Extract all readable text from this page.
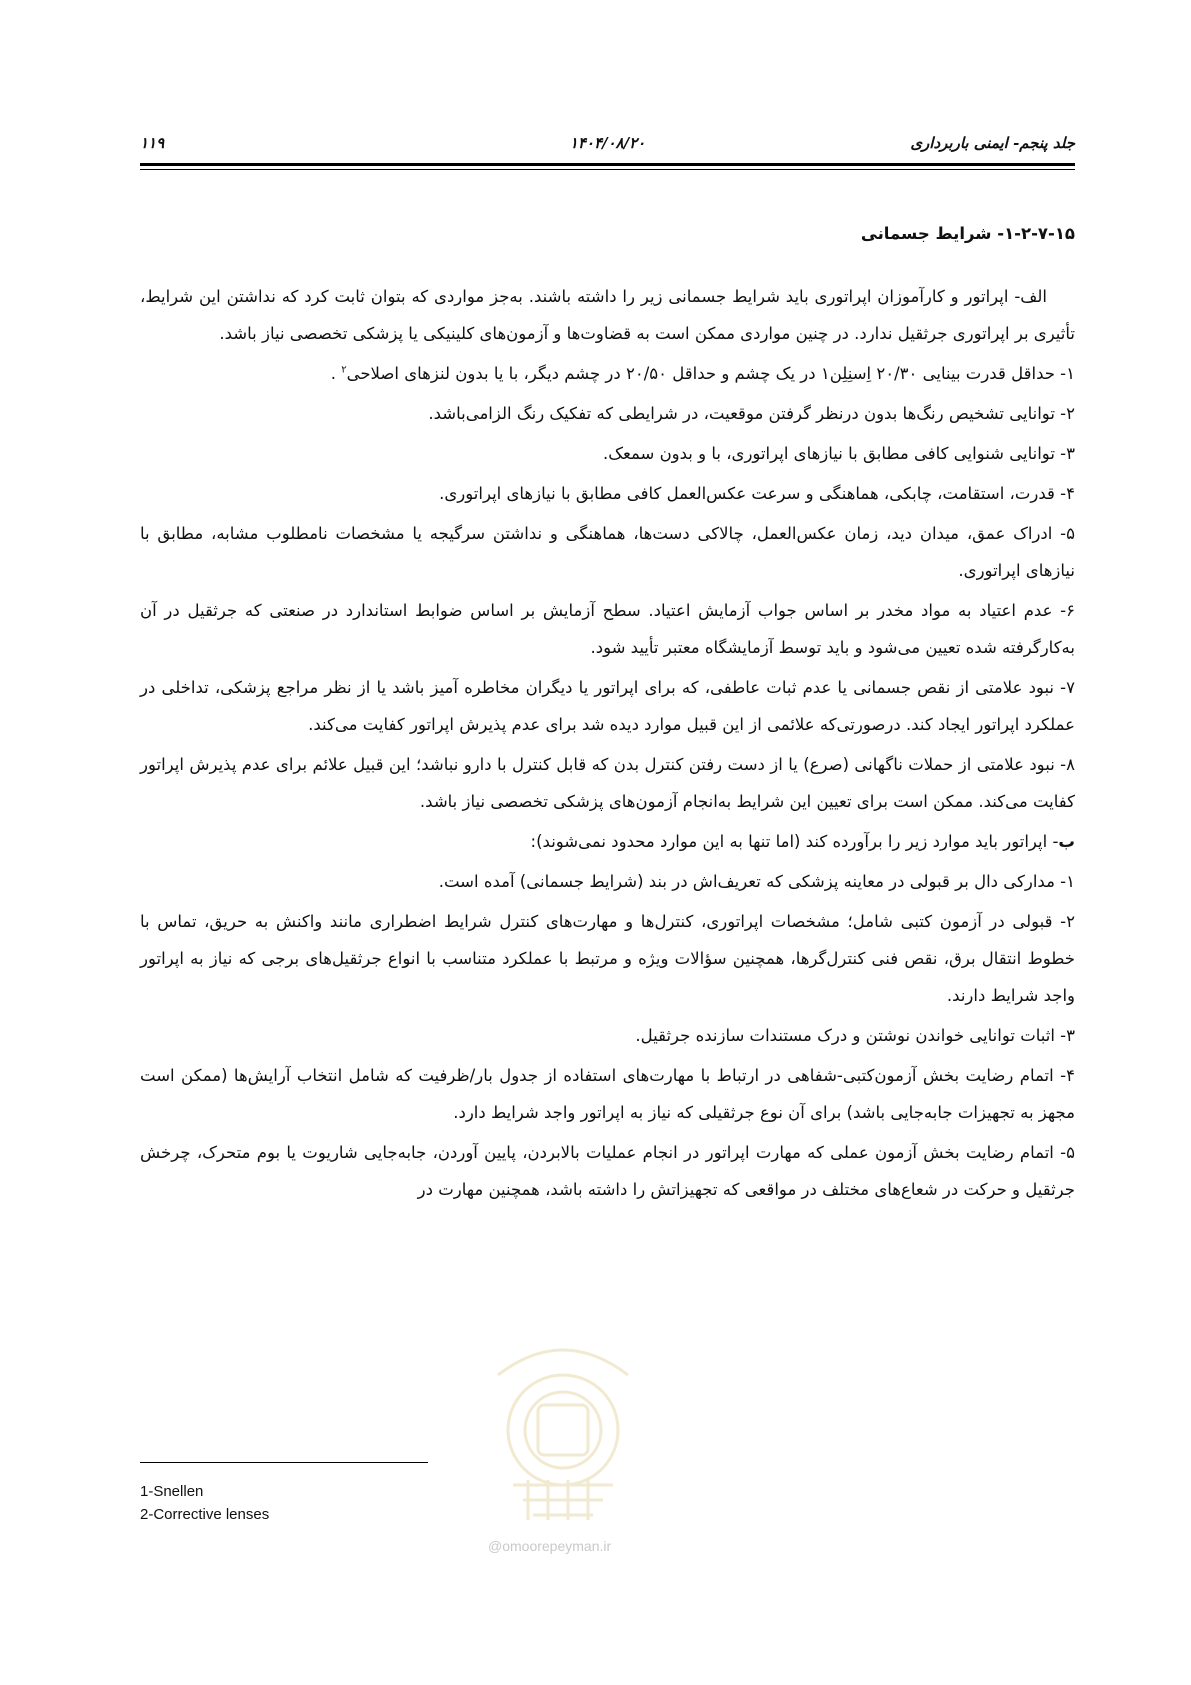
جلد پنجم- ایمنی باربرداری
۱۴۰۴/۰۸/۲۰
۱۱۹

۱-۲-۷-۱۵- شرایط جسمانی

الف- اپراتور و کارآموزان اپراتوری باید شرایط جسمانی زیر را داشته باشند. به‌جز مواردی که بتوان ثابت کرد که نداشتن این شرایط، تأثیری بر اپراتوری جرثقیل ندارد. در چنین مواردی ممکن است به قضاوت‌ها و آزمون‌های کلینیکی یا پزشکی تخصصی نیاز باشد.

۱- حداقل قدرت بینایی ۲۰/۳۰ اِسنِلِن۱ در یک چشم و حداقل ۲۰/۵۰ در چشم دیگر، با یا بدون لنزهای اصلاحی$^۲$ .

۲- توانایی تشخیص رنگ‌ها بدون درنظر گرفتن موقعیت، در شرایطی که تفکیک رنگ الزامی‌باشد.

۳- توانایی شنوایی کافی مطابق با نیازهای اپراتوری، با و بدون سمعک.

۴- قدرت، استقامت، چابکی، هماهنگی و سرعت عکس‌العمل کافی مطابق با نیازهای اپراتوری.

۵- ادراک عمق، میدان دید، زمان عکس‌العمل، چالاکی دست‌ها، هماهنگی و نداشتن سرگیجه یا مشخصات نامطلوب مشابه، مطابق با نیازهای اپراتوری.

۶- عدم اعتیاد به مواد مخدر بر اساس جواب آزمایش اعتیاد. سطح آزمایش بر اساس ضوابط استاندارد در صنعتی که جرثقیل در آن به‌کارگرفته شده تعیین می‌شود و باید توسط آزمایشگاه معتبر تأیید شود.

۷- نبود علامتی از نقص جسمانی یا عدم ثبات عاطفی، که برای اپراتور یا دیگران مخاطره آمیز باشد یا از نظر مراجع پزشکی، تداخلی در عملکرد اپراتور ایجاد کند. درصورتی‌که علائمی از این قبیل موارد دیده شد برای عدم پذیرش اپراتور کفایت می‌کند.

۸- نبود علامتی از حملات ناگهانی (صرع) یا از دست رفتن کنترل بدن که قابل کنترل با دارو نباشد؛ این قبیل علائم برای عدم پذیرش اپراتور کفایت می‌کند. ممکن است برای تعیین این شرایط به‌انجام آزمون‌های پزشکی تخصصی نیاز باشد.

ب- اپراتور باید موارد زیر را برآورده کند (اما تنها به این موارد محدود نمی‌شوند):

۱- مدارکی دال بر قبولی در معاینه پزشکی که تعریف‌اش در بند (شرایط جسمانی) آمده است.

۲- قبولی در آزمون کتبی شامل؛ مشخصات اپراتوری، کنترل‌ها و مهارت‌های کنترل شرایط اضطراری مانند واکنش به حریق، تماس با خطوط انتقال برق، نقص فنی کنترل‌گرها، همچنین سؤالات ویژه و مرتبط با عملکرد متناسب با انواع جرثقیل‌های برجی که نیاز به اپراتور واجد شرایط دارند.

۳- اثبات توانایی خواندن نوشتن و درک مستندات سازنده جرثقیل.

۴- اتمام رضایت بخش آزمون‌کتبی-شفاهی در ارتباط با مهارت‌های استفاده از جدول بار/ظرفیت که شامل انتخاب آرایش‌ها (ممکن است مجهز به تجهیزات جابه‌جایی باشد) برای آن نوع جرثقیلی که نیاز به اپراتور واجد شرایط دارد.

۵- اتمام رضایت بخش آزمون عملی که مهارت اپراتور در انجام عملیات بالابردن، پایین آوردن، جابه‌جایی شاریوت یا بوم متحرک، چرخش جرثقیل و حرکت در شعاع‌های مختلف در مواقعی که تجهیزاتش را داشته باشد، همچنین مهارت در

@omoorepeyman.ir
1-Snellen
2-Corrective lenses
